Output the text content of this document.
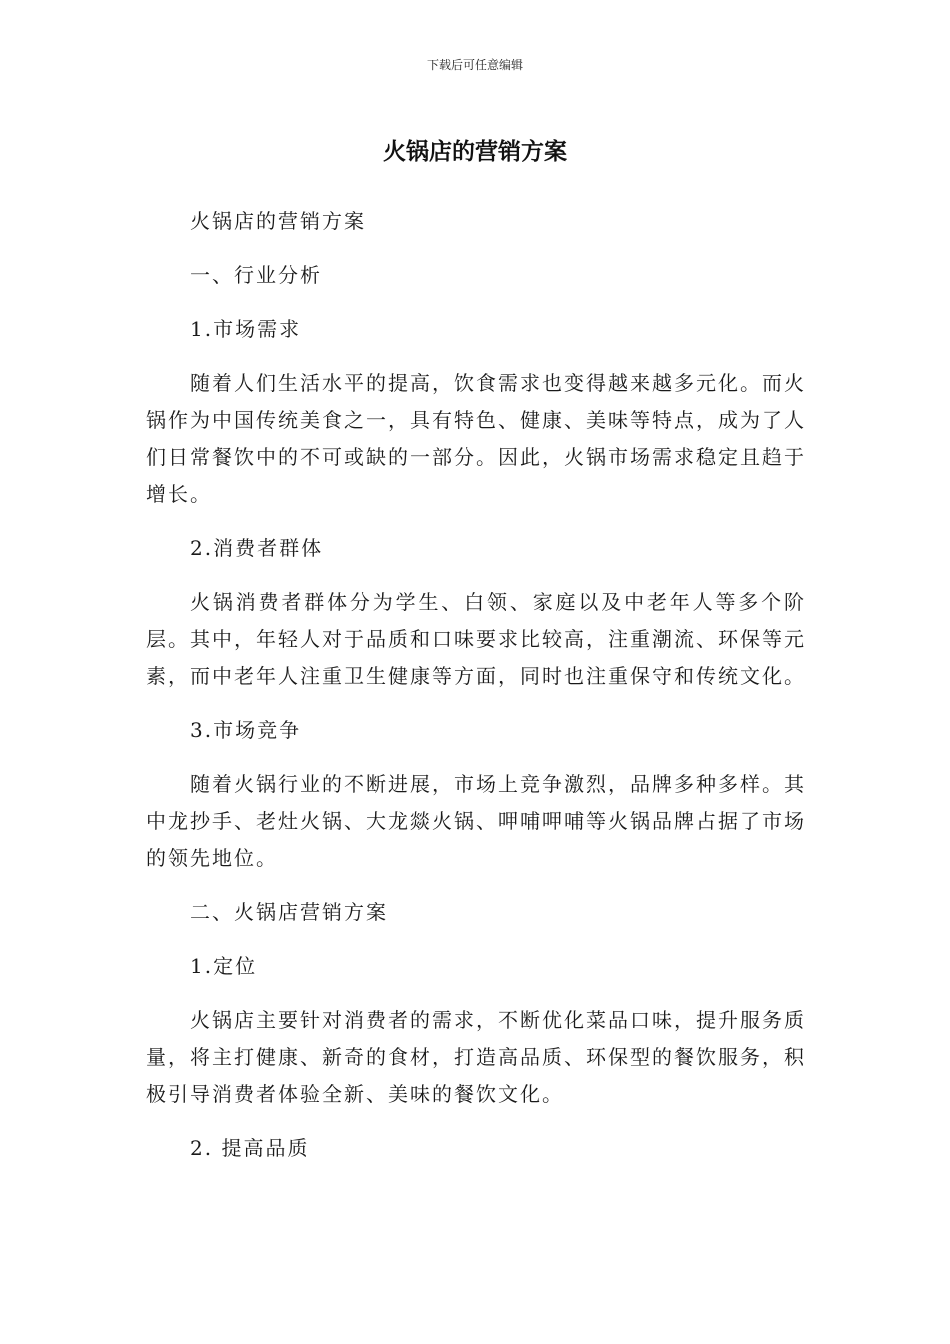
下载后可任意编辑
火锅店的营销方案

火锅店的营销方案

一、行业分析

1.市场需求

随着人们生活水平的提高，饮食需求也变得越来越多元化。而火锅作为中国传统美食之一，具有特色、健康、美味等特点，成为了人们日常餐饮中的不可或缺的一部分。因此，火锅市场需求稳定且趋于增长。

2.消费者群体

火锅消费者群体分为学生、白领、家庭以及中老年人等多个阶层。其中，年轻人对于品质和口味要求比较高，注重潮流、环保等元素，而中老年人注重卫生健康等方面，同时也注重保守和传统文化。

3.市场竞争

随着火锅行业的不断进展，市场上竞争激烈，品牌多种多样。其中龙抄手、老灶火锅、大龙燚火锅、呷哺呷哺等火锅品牌占据了市场的领先地位。

二、火锅店营销方案

1.定位

火锅店主要针对消费者的需求，不断优化菜品口味，提升服务质量，将主打健康、新奇的食材，打造高品质、环保型的餐饮服务，积极引导消费者体验全新、美味的餐饮文化。

2. 提高品质
